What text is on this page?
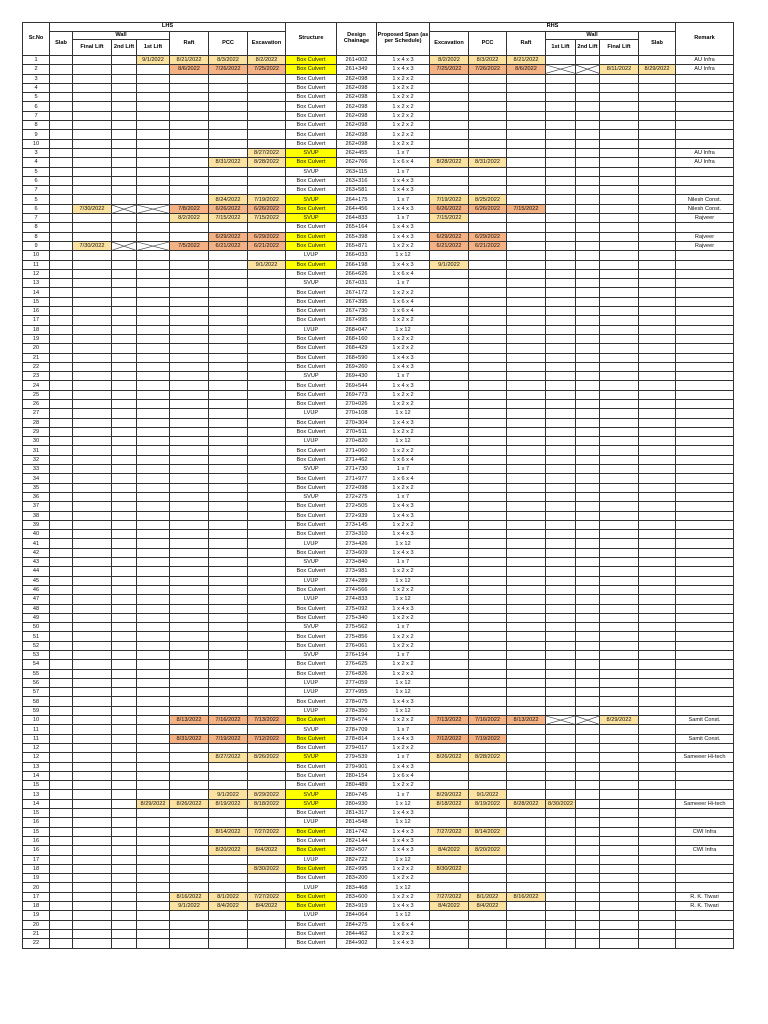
Sr.No	LHS							Structure	Design Chainage	Proposed Span (as per Schedule)	RHS							Remark
	Slab	Wall			Raft	PCC	Excavation				Excavation	PCC	Raft	Wall			Slab	
		Final Lift	2nd Lift	1st Lift										1st Lift	2nd Lift	Final Lift		
1				9/1/2022	8/21/2022	8/3/2022	8/2/2022	Box Culvert	261+002	1 x 4 x 3	8/2/2022	8/3/2022	8/21/2022					AU Infra
2					8/6/2022	7/26/2022	7/25/2022	Box Culvert	261+349	1 x 4 x 3	7/25/2022	7/26/2022	8/6/2022			8/11/2022	8/29/2022	AU Infra
3								Box Culvert	262+098	1 x 2 x 2								
4								Box Culvert	262+098	1 x 2 x 2								
5								Box Culvert	262+098	1 x 2 x 2								
6								Box Culvert	262+098	1 x 2 x 2								
7								Box Culvert	262+098	1 x 2 x 2								
8								Box Culvert	262+098	1 x 2 x 2								
9								Box Culvert	262+098	1 x 2 x 2								
10								Box Culvert	262+098	1 x 2 x 2								
3							8/27/2022	SVUP	262+455	1 x 7								AU Infra
4						8/31/2022	8/28/2022	Box Culvert	262+766	1 x 6 x 4	8/28/2022	8/31/2022						AU Infra
5								SVUP	263+115	1 x 7								
6								Box Culvert	263+316	1 x 4 x 3								
7								Box Culvert	263+581	1 x 4 x 3								
5						8/24/2022	7/19/2022	SVUP	264+175	1 x 7	7/19/2022	8/25/2022						Nilesh Const.
6		7/30/2022			7/8/2022	6/26/2022	6/26/2022	Box Culvert	264+456	1 x 4 x 3	6/26/2022	6/26/2022	7/15/2022					Nilesh Const.
7					8/2/2022	7/15/2022	7/15/2022	SVUP	264+833	1 x 7	7/15/2022							Rajveer
8								Box Culvert	265+164	1 x 4 x 3								
8						6/29/2022	6/29/2022	Box Culvert	265+398	1 x 4 x 3	6/29/2022	6/29/2022						Rajveer
9		7/30/2022			7/5/2022	6/21/2022	6/21/2022	Box Culvert	265+871	1 x 2 x 2	6/21/2022	6/21/2022						Rajveer
10								LVUP	266+033	1 x 12								
11							9/1/2022	Box Culvert	266+198	1 x 4 x 3	9/1/2022							
12								Box Culvert	266+626	1 x 6 x 4								
13								SVUP	267+031	1 x 7								
14								Box Culvert	267+172	1 x 2 x 2								
15								Box Culvert	267+395	1 x 6 x 4								
16								Box Culvert	267+730	1 x 6 x 4								
17								Box Culvert	267+995	1 x 2 x 2								
18								LVUP	268+047	1 x 12								
19								Box Culvert	268+160	1 x 2 x 2								
20								Box Culvert	268+429	1 x 2 x 2								
21								Box Culvert	268+590	1 x 4 x 3								
22								Box Culvert	269+260	1 x 4 x 3								
23								SVUP	269+430	1 x 7								
24								Box Culvert	269+544	1 x 4 x 3								
25								Box Culvert	269+773	1 x 2 x 2								
26								Box Culvert	270+026	1 x 2 x 2								
27								LVUP	270+108	1 x 12								
28								Box Culvert	270+304	1 x 4 x 3								
29								Box Culvert	270+511	1 x 2 x 2								
30								LVUP	270+820	1 x 12								
31								Box Culvert	271+060	1 x 2 x 2								
32								Box Culvert	271+462	1 x 6 x 4								
33								SVUP	271+730	1 x 7								
34								Box Culvert	271+977	1 x 6 x 4								
35								Box Culvert	272+098	1 x 2 x 2								
36								SVUP	272+275	1 x 7								
37								Box Culvert	272+505	1 x 4 x 3								
38								Box Culvert	272+939	1 x 4 x 3								
39								Box Culvert	273+145	1 x 2 x 2								
40								Box Culvert	273+310	1 x 4 x 3								
41								LVUP	273+426	1 x 12								
42								Box Culvert	273+609	1 x 4 x 3								
43								SVUP	273+840	1 x 7								
44								Box Culvert	273+981	1 x 2 x 2								
45								LVUP	274+289	1 x 12								
46								Box Culvert	274+566	1 x 2 x 2								
47								LVUP	274+833	1 x 12								
48								Box Culvert	275+092	1 x 4 x 3								
49								Box Culvert	275+340	1 x 2 x 2								
50								SVUP	275+562	1 x 7								
51								Box Culvert	275+856	1 x 2 x 2								
52								Box Culvert	276+061	1 x 2 x 2								
53								SVUP	276+194	1 x 7								
54								Box Culvert	276+625	1 x 2 x 2								
55								Box Culvert	276+826	1 x 2 x 2								
56								LVUP	277+059	1 x 12								
57								LVUP	277+955	1 x 12								
58								Box Culvert	278+075	1 x 4 x 3								
59								LVUP	278+350	1 x 12								
10					8/13/2022	7/16/2022	7/13/2022	Box Culvert	278+574	1 x 2 x 2	7/13/2022	7/16/2022	8/13/2022			8/29/2022		Samit Const.
11								SVUP	278+709	1 x 7								
11					8/31/2022	7/19/2022	7/12/2022	Box Culvert	278+814	1 x 4 x 3	7/12/2022	7/19/2022						Samit Const.
12								Box Culvert	279+017	1 x 2 x 2								
12						8/27/2022	8/26/2022	SVUP	279+539	1 x 7	8/26/2022	8/28/2022						Sameeer Hi-tech
13								Box Culvert	279+901	1 x 4 x 3								
14								Box Culvert	280+154	1 x 6 x 4								
15								Box Culvert	280+489	1 x 2 x 2								
13						9/1/2022	8/29/2022	SVUP	280+745	1 x 7	8/29/2022	9/1/2022						
14				8/29/2022	8/26/2022	8/19/2022	8/18/2022	SVUP	280+930	1 x 12	8/18/2022	8/19/2022	8/28/2022	8/30/2022				Sameeer Hi-tech
15								Box Culvert	281+317	1 x 4 x 3								
16								LVUP	281+548	1 x 12								
15						8/14/2022	7/27/2022	Box Culvert	281+742	1 x 4 x 3	7/27/2022	8/14/2022						CWI Infra
16								Box Culvert	282+144	1 x 4 x 3								
16						8/20/2022	8/4/2022	Box Culvert	282+507	1 x 4 x 3	8/4/2022	8/20/2022						CWI Infra
17								LVUP	282+722	1 x 12								
18							8/30/2022	Box Culvert	282+995	1 x 2 x 2	8/30/2022							
19								Box Culvert	283+200	1 x 2 x 2								
20								LVUP	283+468	1 x 12								
17					8/16/2022	8/1/2022	7/27/2022	Box Culvert	283+600	1 x 2 x 2	7/27/2022	8/1/2022	8/16/2022					R. K. Tiwari
18					9/1/2022	8/4/2022	8/4/2022	Box Culvert	283+919	1 x 4 x 3	8/4/2022	8/4/2022						R. K. Tiwari
19								LVUP	284+064	1 x 12								
20								Box Culvert	284+275	1 x 6 x 4								
21								Box Culvert	284+462	1 x 2 x 2								
22								Box Culvert	284+902	1 x 4 x 3								
